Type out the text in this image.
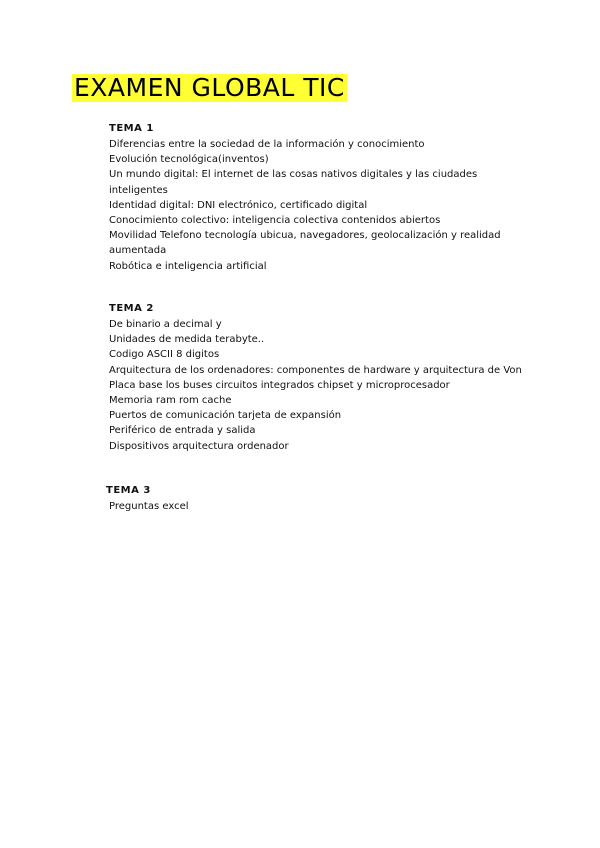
EXAMEN GLOBAL TIC
TEMA 1
Diferencias entre la sociedad de la información y conocimiento
Evolución tecnológica(inventos)
Un mundo digital: El internet de las cosas nativos digitales y las ciudades inteligentes
Identidad digital: DNI electrónico, certificado digital
Conocimiento colectivo: inteligencia colectiva contenidos abiertos
Movilidad Telefono tecnología ubicua, navegadores, geolocalización y realidad aumentada
Robótica e inteligencia artificial
TEMA 2
De binario a decimal y
Unidades de medida terabyte..
Codigo ASCII 8 digitos
Arquitectura de los ordenadores: componentes de hardware y arquitectura de Von
Placa base los buses circuitos integrados chipset y microprocesador
Memoria ram rom cache
Puertos de comunicación tarjeta de expansión
Periférico de entrada y salida
Dispositivos arquitectura ordenador
TEMA 3
Preguntas excel
